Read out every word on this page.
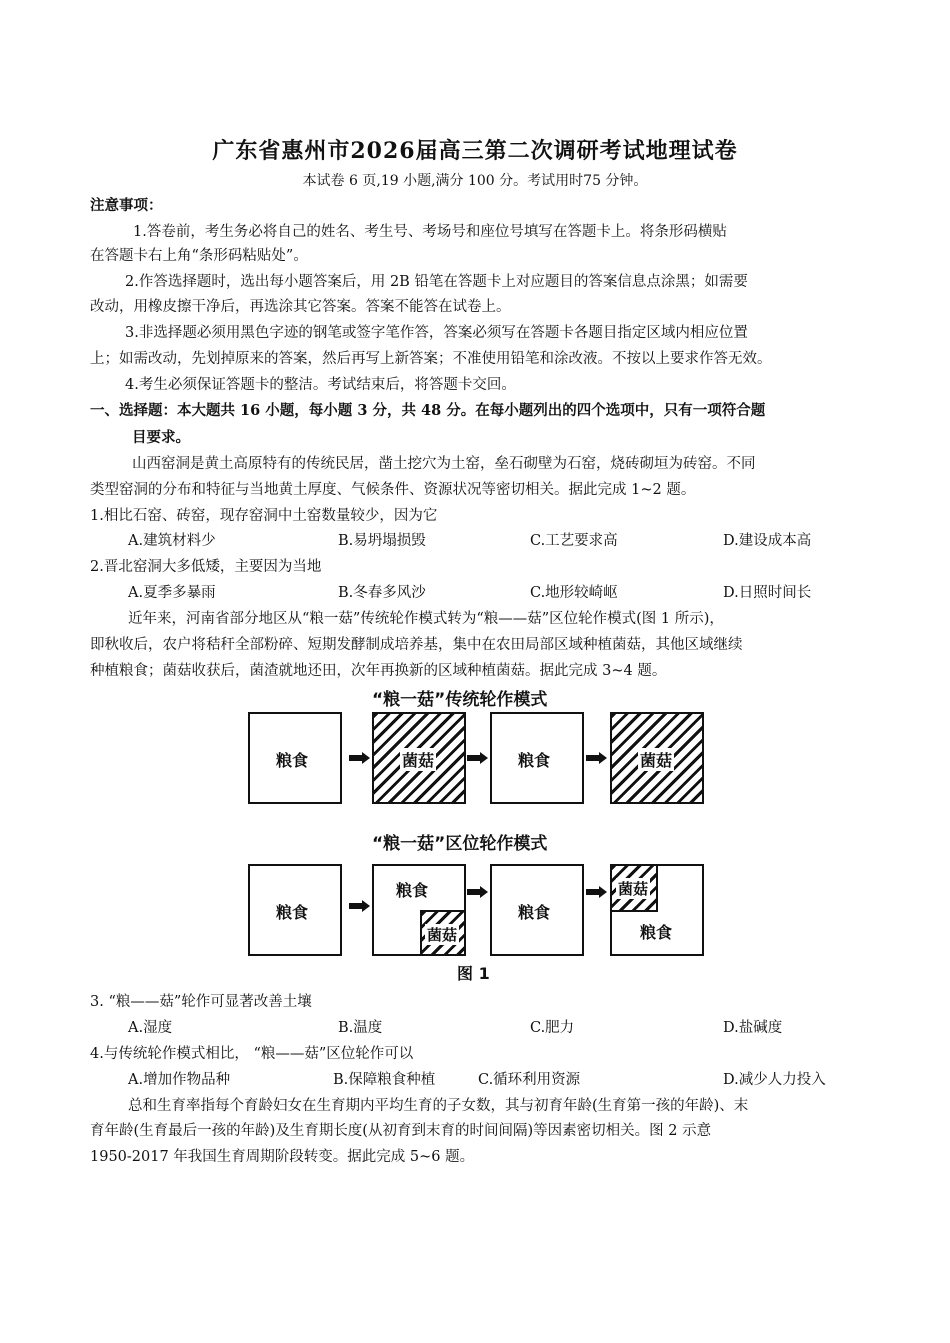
广东省惠州市2026届高三第二次调研考试地理试卷
本试卷 6 页,19 小题,满分 100 分。考试用时75 分钟。
注意事项：
1.答卷前，考生务必将自己的姓名、考生号、考场号和座位号填写在答题卡上。将条形码横贴
在答题卡右上角“条形码粘贴处”。
2.作答选择题时，选出每小题答案后，用 2B 铅笔在答题卡上对应题目的答案信息点涂黑；如需要
改动，用橡皮擦干净后，再选涂其它答案。答案不能答在试卷上。
3.非选择题必须用黑色字迹的钢笔或签字笔作答，答案必须写在答题卡各题目指定区域内相应位置
上；如需改动，先划掉原来的答案，然后再写上新答案；不准使用铅笔和涂改液。不按以上要求作答无效。
4.考生必须保证答题卡的整洁。考试结束后，将答题卡交回。
一、选择题：本大题共 16 小题，每小题 3 分，共 48 分。在每小题列出的四个选项中，只有一项符合题
目要求。
山西窑洞是黄土高原特有的传统民居，凿土挖穴为土窑，垒石砌壁为石窑，烧砖砌垣为砖窑。不同
类型窑洞的分布和特征与当地黄土厚度、气候条件、资源状况等密切相关。据此完成 1~2 题。
1.相比石窑、砖窑，现存窑洞中土窑数量较少，因为它
A.建筑材料少	B.易坍塌损毁	C.工艺要求高	D.建设成本高
2.晋北窑洞大多低矮，主要因为当地
A.夏季多暴雨	B.冬春多风沙	C.地形较崎岖	D.日照时间长
近年来，河南省部分地区从“粮一菇”传统轮作模式转为“粮——菇”区位轮作模式(图 1 所示)，
即秋收后，农户将秸秆全部粉碎、短期发酵制成培养基，集中在农田局部区域种植菌菇，其他区域继续
种植粮食；菌菇收获后，菌渣就地还田，次年再换新的区域种植菌菇。据此完成 3~4 题。
“粮一菇”传统轮作模式
粮食	菌菇	粮食	菌菇
“粮一菇”区位轮作模式
粮食
粮食
菌菇
粮食
菌菇
粮食
图 1
3. “粮——菇”轮作可显著改善土壤
A.湿度	B.温度	C.肥力	D.盐碱度
4.与传统轮作模式相比， “粮——菇”区位轮作可以
A.增加作物品种	B.保障粮食种植	C.循环利用资源	D.减少人力投入
总和生育率指每个育龄妇女在生育期内平均生育的子女数，其与初育年龄(生育第一孩的年龄)、末
育年龄(生育最后一孩的年龄)及生育期长度(从初育到末育的时间间隔)等因素密切相关。图 2 示意
1950-2017 年我国生育周期阶段转变。据此完成 5~6 题。
